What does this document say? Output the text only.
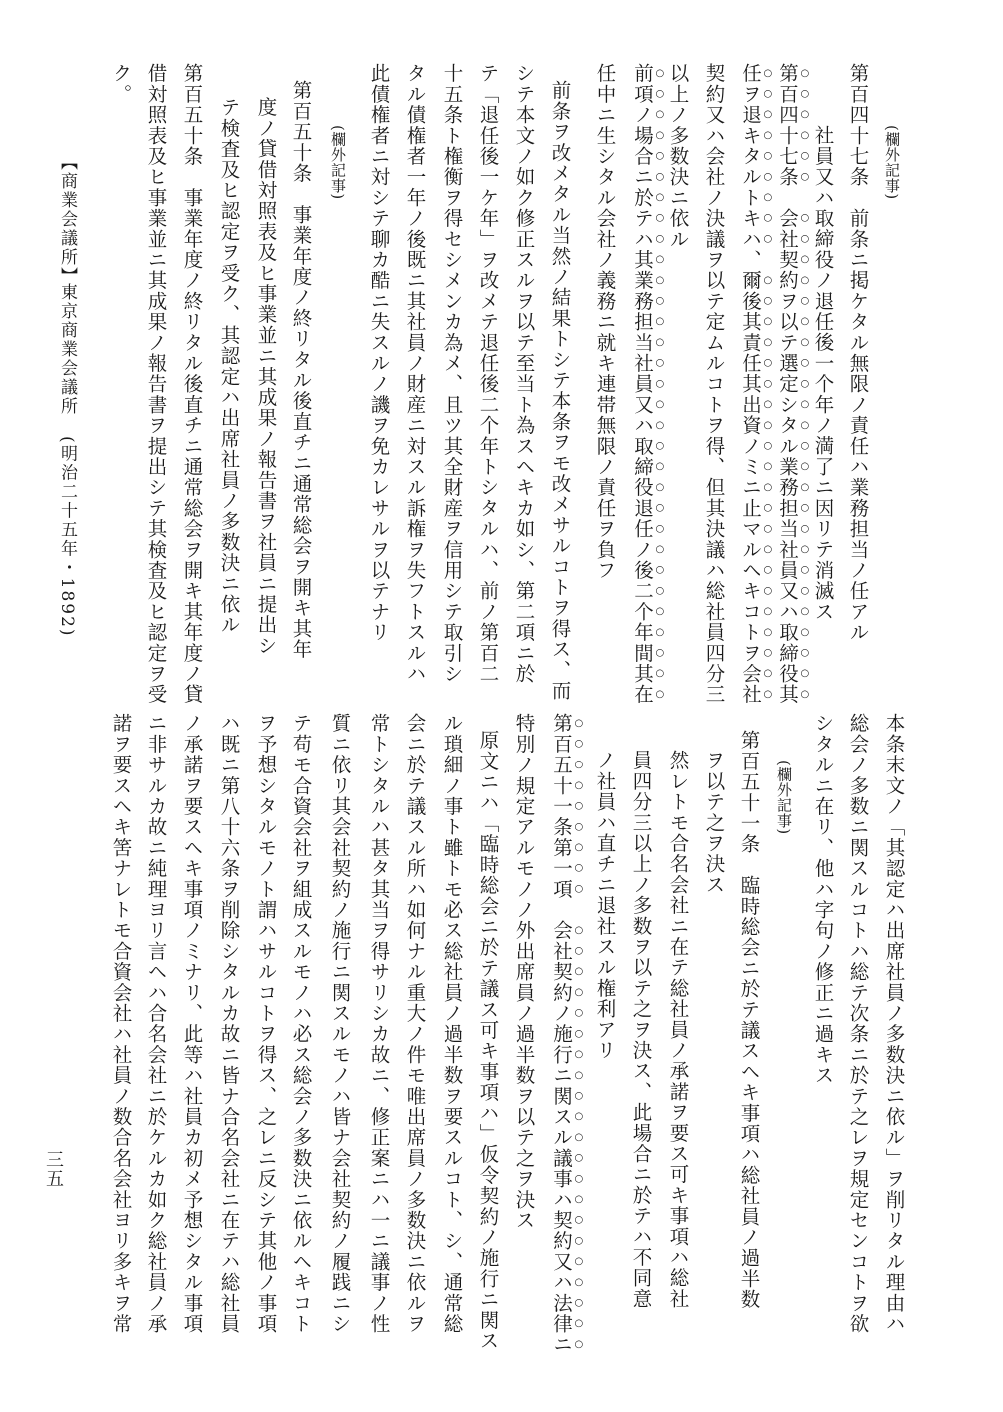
(欄外記事)
第百四十七条　前条ニ掲ケタル無限ノ責任ハ業務担当ノ任アル
社員又ハ取締役ノ退任後一个年ノ満了ニ因リテ消滅ス
第百四十七条　会社契約ヲ以テ選定シタル業務担当社員又ハ取締役其
任ヲ退キタルトキハ、爾後其責任其出資ノミニ止マルヘキコトヲ会社
契約又ハ会社ノ決議ヲ以テ定ムルコトヲ得、但其決議ハ総社員四分三
以上ノ多数決ニ依ル
前項ノ場合ニ於テハ其業務担当社員又ハ取締役退任ノ後二个年間其在
任中ニ生シタル会社ノ義務ニ就キ連帯無限ノ責任ヲ負フ
前条ヲ改メタル当然ノ結果トシテ本条ヲモ改メサルコトヲ得ス、而
シテ本文ノ如ク修正スルヲ以テ至当ト為スヘキカ如シ、第二項ニ於
テ「退任後一ケ年」ヲ改メテ退任後二个年トシタルハ、前ノ第百二
十五条ト権衡ヲ得セシメンカ為メ、且ツ其全財産ヲ信用シテ取引シ
タル債権者一年ノ後既ニ其社員ノ財産ニ対スル訴権ヲ失フトスルハ
此債権者ニ対シテ聊カ酷ニ失スルノ譏ヲ免カレサルヲ以テナリ
(欄外記事)
第百五十条　事業年度ノ終リタル後直チニ通常総会ヲ開キ其年
度ノ貸借対照表及ヒ事業並ニ其成果ノ報告書ヲ社員ニ提出シ
テ検査及ヒ認定ヲ受ク、其認定ハ出席社員ノ多数決ニ依ル
第百五十条　事業年度ノ終リタル後直チニ通常総会ヲ開キ其年度ノ貸
借対照表及ヒ事業並ニ其成果ノ報告書ヲ提出シテ其検査及ヒ認定ヲ受
ク。
【商業会議所】
東京商業会議所
(明治二十五年・1892)
本条末文ノ「其認定ハ出席社員ノ多数決ニ依ル」ヲ削リタル理由ハ
総会ノ多数ニ関スルコトハ総テ次条ニ於テ之レヲ規定センコトヲ欲
シタルニ在リ、他ハ字句ノ修正ニ過キス
(欄外記事)
第百五十一条　臨時総会ニ於テ議スヘキ事項ハ総社員ノ過半数
ヲ以テ之ヲ決ス
然レトモ合名会社ニ在テ総社員ノ承諾ヲ要ス可キ事項ハ総社
員四分三以上ノ多数ヲ以テ之ヲ決ス、此場合ニ於テハ不同意
ノ社員ハ直チニ退社スル権利アリ
第百五十一条第一項　会社契約ノ施行ニ関スル議事ハ契約又ハ法律ニ
特別ノ規定アルモノノ外出席員ノ過半数ヲ以テ之ヲ決ス
原文ニハ「臨時総会ニ於テ議ス可キ事項ハ」仮令契約ノ施行ニ関ス
ル瑣細ノ事ト雖トモ必ス総社員ノ過半数ヲ要スルコト、シ、通常総
会ニ於テ議スル所ハ如何ナル重大ノ件モ唯出席員ノ多数決ニ依ルヲ
常トシタルハ甚タ其当ヲ得サリシカ故ニ、修正案ニハ一ニ議事ノ性
質ニ依リ其会社契約ノ施行ニ関スルモノハ皆ナ会社契約ノ履践ニシ
テ苟モ合資会社ヲ組成スルモノハ必ス総会ノ多数決ニ依ルヘキコト
ヲ予想シタルモノト謂ハサルコトヲ得ス、之レニ反シテ其他ノ事項
ハ既ニ第八十六条ヲ削除シタルカ故ニ皆ナ合名会社ニ在テハ総社員
ノ承諾ヲ要スヘキ事項ノミナリ、此等ハ社員カ初メ予想シタル事項
ニ非サルカ故ニ純理ヨリ言ヘハ合名会社ニ於ケルカ如ク総社員ノ承
諾ヲ要スヘキ筈ナレトモ合資会社ハ社員ノ数合名会社ヨリ多キヲ常
三五
